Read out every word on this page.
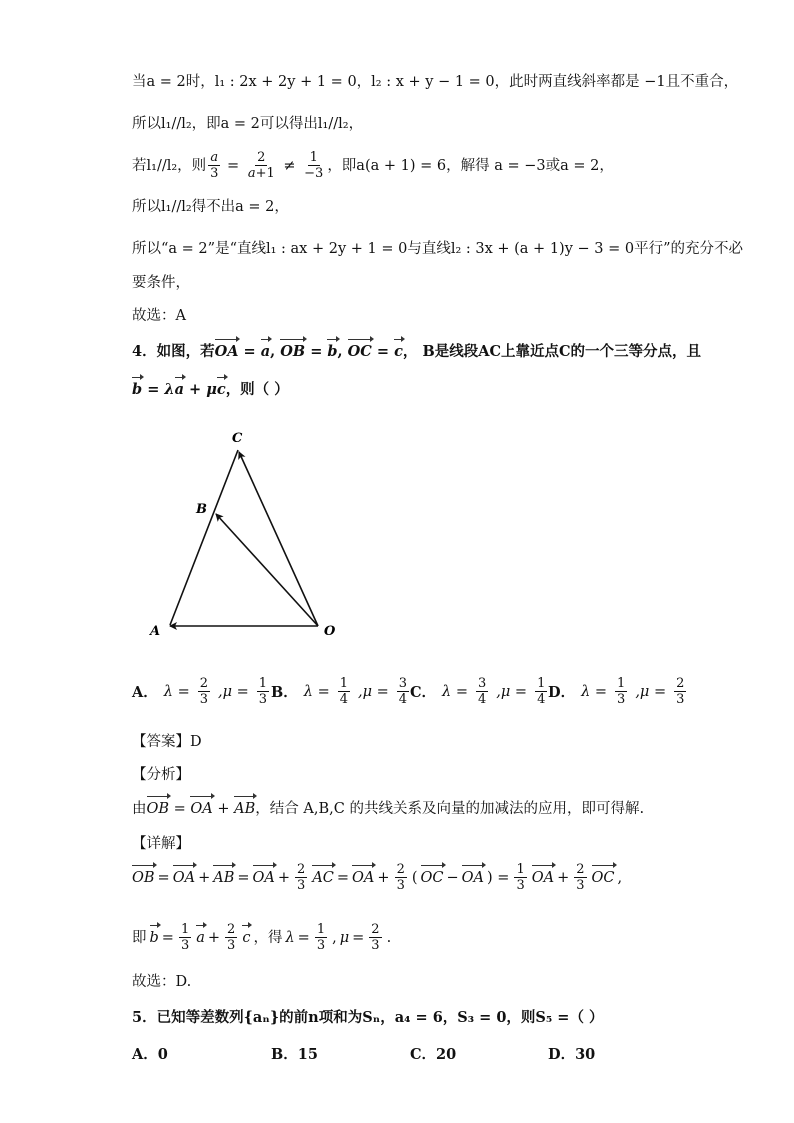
当a = 2时，l₁ : 2x + 2y + 1 = 0，l₂ : x + y − 1 = 0，此时两直线斜率都是 −1且不重合，
所以l₁//l₂，即a = 2可以得出l₁//l₂，
若l₁//l₂，则 $\frac{a}{3} = \frac{2}{a+1} \ne \frac{1}{-3}$ ，即a(a + 1) = 6，解得 a = −3或a = 2，
所以l₁//l₂得不出a = 2，
所以“a = 2”是“直线l₁ : ax + 2y + 1 = 0与直线l₂ : 3x + (a + 1)y − 3 = 0平行”的充分不必
要条件，
故选：A
4．如图，若OA = a, OB = b, OC = c， B是线段AC上靠近点C的一个三等分点，且
b = λa + μc，则（ ）
C
B
A	O
A． $\lambda = \frac{2}{3} ,\mu = \frac{1}{3}$ B． $\lambda = \frac{1}{4} ,\mu = \frac{3}{4}$ C． $\lambda = \frac{3}{4} ,\mu = \frac{1}{4}$ D． $\lambda = \frac{1}{3} ,\mu = \frac{2}{3}$
【答案】D
【分析】
由OB = OA + AB，结合 A,B,C 的共线关系及向量的加减法的应用，即可得解.
【详解】
OB = OA + AB = OA + $\frac{2}{3}$ AC = OA + $\frac{2}{3}$ ( OC − OA ) = $\frac{1}{3}$ OA + $\frac{2}{3}$ OC ,
即 $b = \frac{1}{3}$ $a + \frac{2}{3}$ c ，得 $\lambda = \frac{1}{3}$ , $\mu = \frac{2}{3}$ .
故选：D.
5．已知等差数列{aₙ}的前n项和为Sₙ，a₄ = 6，S₃ = 0，则S₅ =（ ）
A．0	B．15	C．20	D．30
